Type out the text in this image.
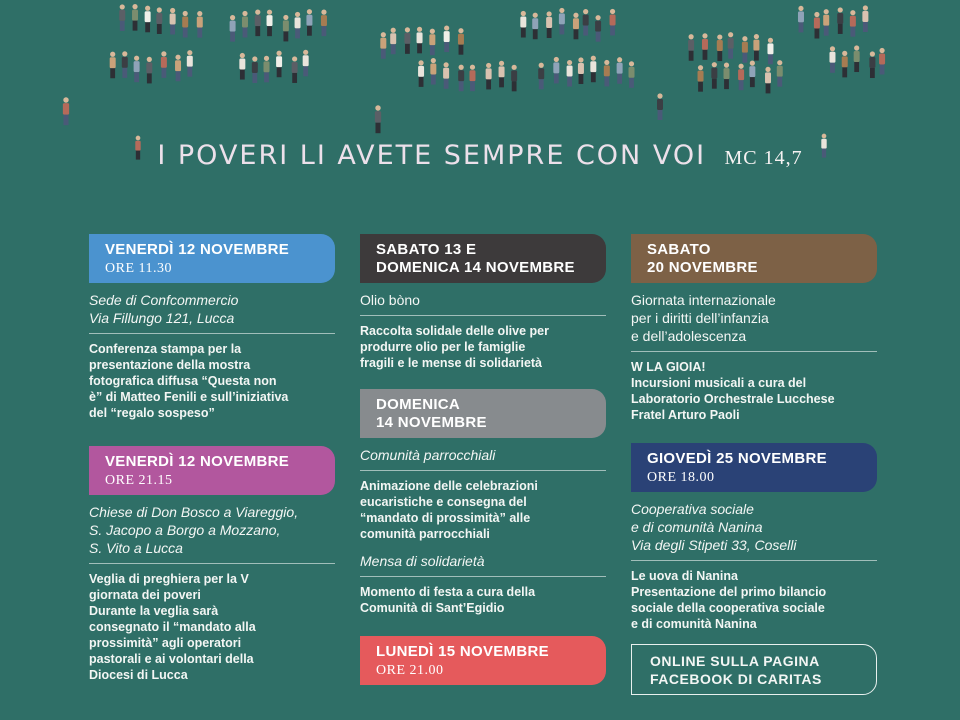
I POVERI LI AVETE SEMPRE CON VOI MC 14,7
VENERDÌ 12 NOVEMBRE
ORE 11.30
Sede di Confcommercio
Via Fillungo 121, Lucca
Conferenza stampa per la
presentazione della mostra
fotografica diffusa “Questa non
è” di Matteo Fenili e sull’iniziativa
del “regalo sospeso”
VENERDÌ 12 NOVEMBRE
ORE 21.15
Chiese di Don Bosco a Viareggio,
S. Jacopo a Borgo a Mozzano,
S. Vito a Lucca
Veglia di preghiera per la V
giornata dei poveri
Durante la veglia sarà
consegnato il “mandato alla
prossimità” agli operatori
pastorali e ai volontari della
Diocesi di Lucca
SABATO 13 E
DOMENICA 14 NOVEMBRE
Olio bòno
Raccolta solidale delle olive per
produrre olio per le famiglie
fragili e le mense di solidarietà
DOMENICA
14 NOVEMBRE
Comunità parrocchiali
Animazione delle celebrazioni
eucaristiche e consegna del
“mandato di prossimità” alle
comunità parrocchiali
Mensa di solidarietà
Momento di festa a cura della
Comunità di Sant’Egidio
LUNEDÌ 15 NOVEMBRE
ORE 21.00
SABATO
20 NOVEMBRE
Giornata internazionale
per i diritti dell’infanzia
e dell’adolescenza
W LA GIOIA!
Incursioni musicali a cura del
Laboratorio Orchestrale Lucchese
Fratel Arturo Paoli
GIOVEDÌ 25 NOVEMBRE
ORE 18.00
Cooperativa sociale
e di comunità Nanina
Via degli Stipeti 33, Coselli
Le uova di Nanina
Presentazione del primo bilancio
sociale della cooperativa sociale
e di comunità Nanina
ONLINE SULLA PAGINA
FACEBOOK DI CARITAS
